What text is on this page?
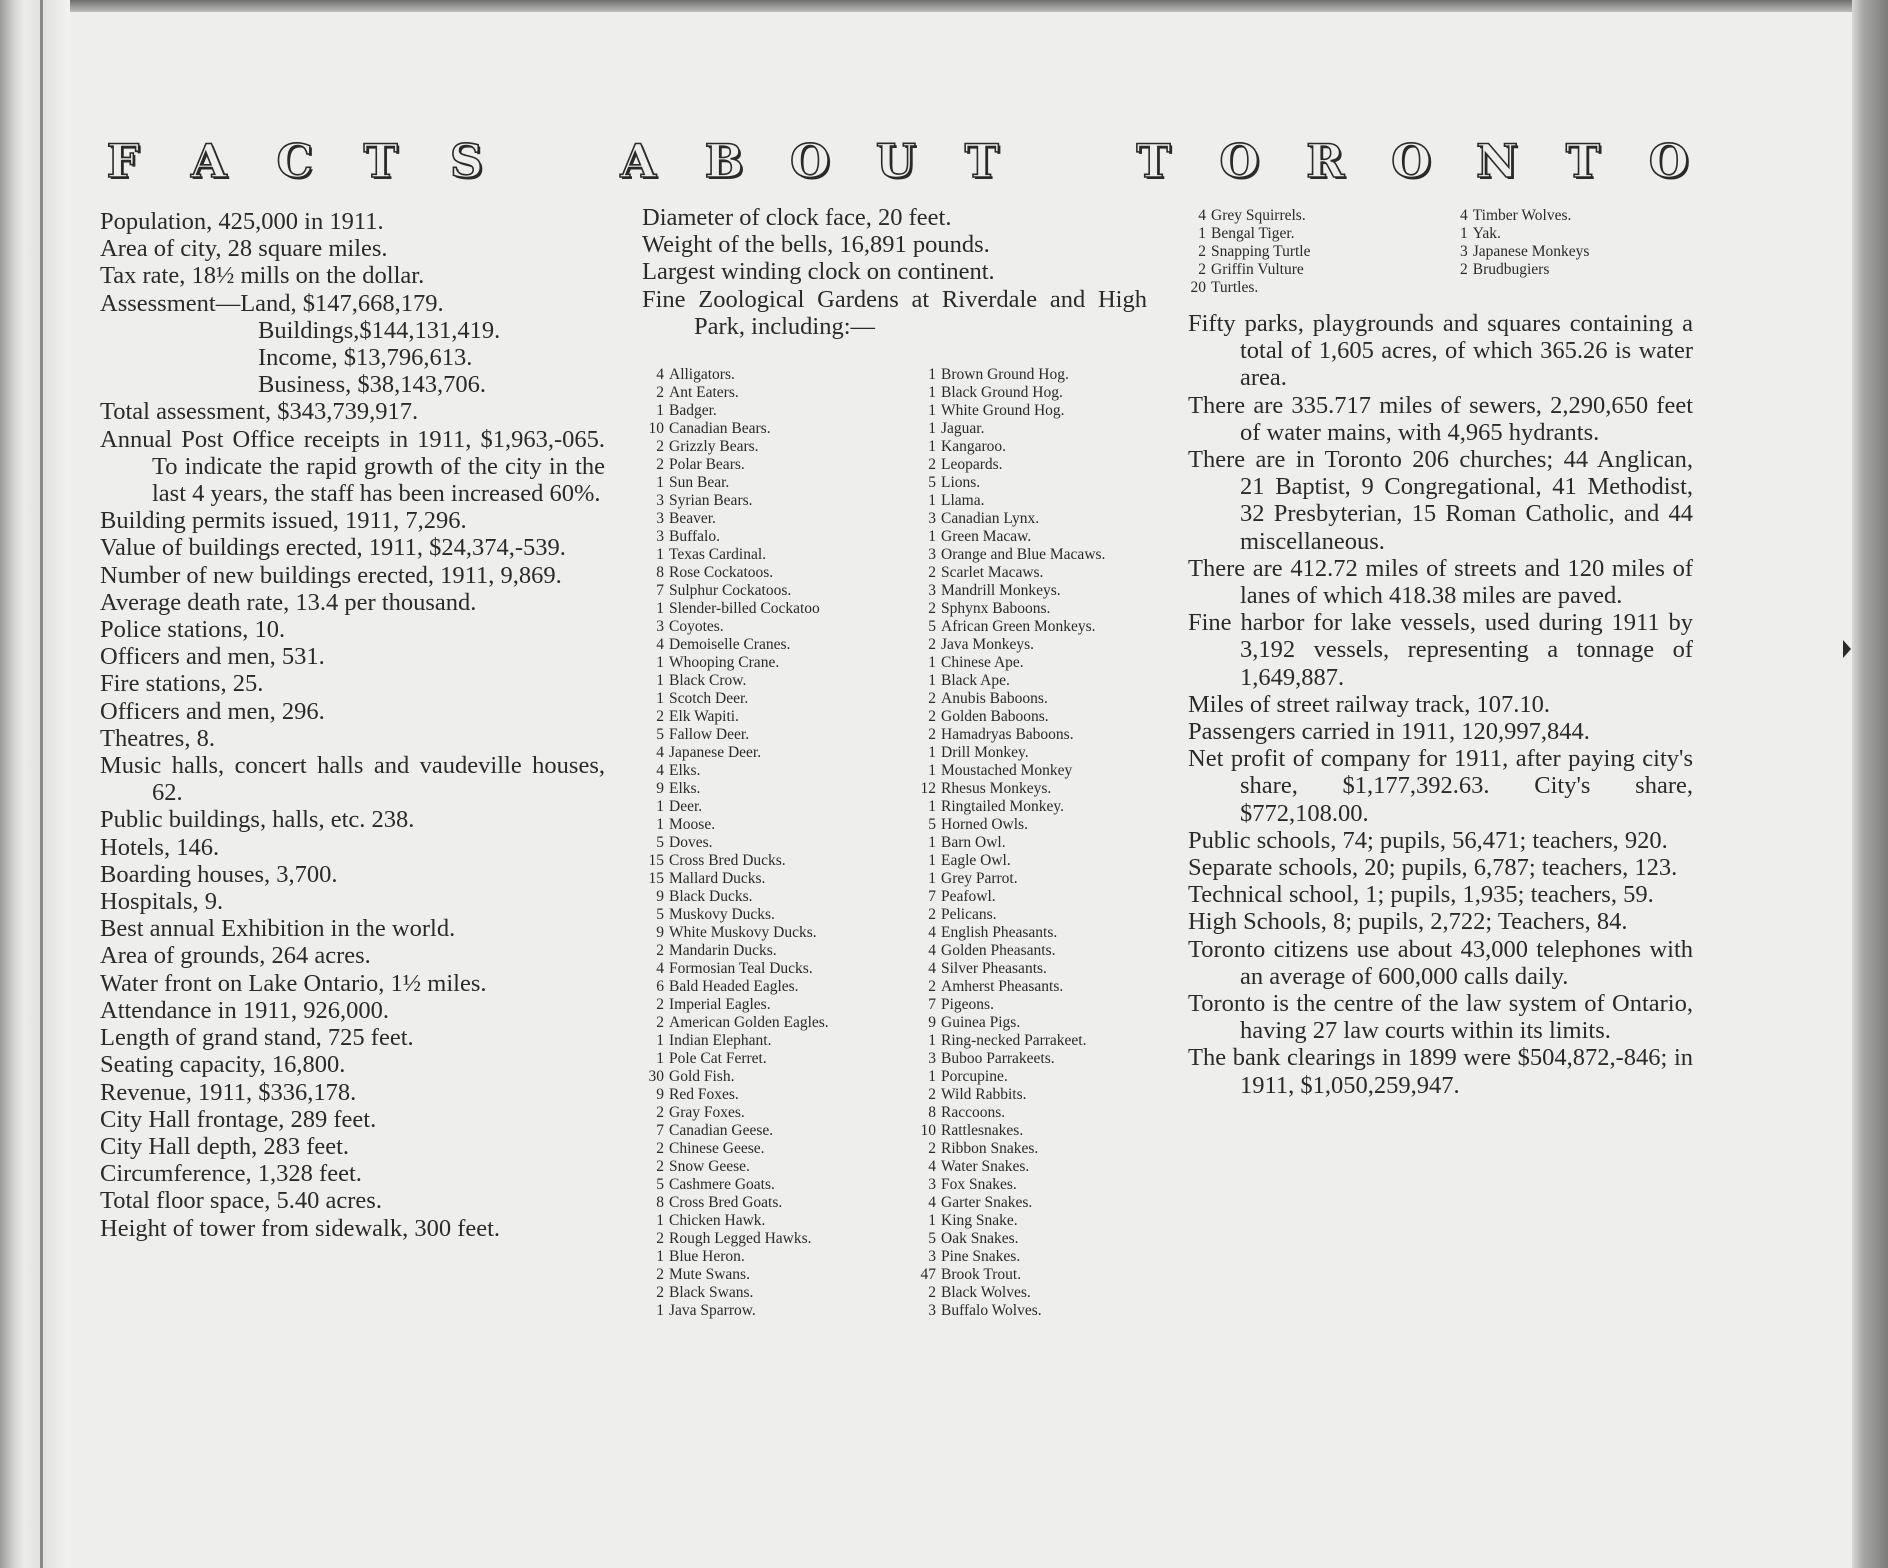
F A C T S	A B O U T	T O R O N T O
Population, 425,000 in 1911.
Area of city, 28 square miles.
Tax rate, 18½ mills on the dollar.
Assessment—Land, $147,668,179.
Buildings,$144,131,419.
Income, $13,796,613.
Business, $38,143,706.
Total assessment, $343,739,917.
Annual Post Office receipts in 1911, $1,963,-065. To indicate the rapid growth of the city in the last 4 years, the staff has been increased 60%.
Building permits issued, 1911, 7,296.
Value of buildings erected, 1911, $24,374,-539.
Number of new buildings erected, 1911, 9,869.
Average death rate, 13.4 per thousand.
Police stations, 10.
Officers and men, 531.
Fire stations, 25.
Officers and men, 296.
Theatres, 8.
Music halls, concert halls and vaudeville houses, 62.
Public buildings, halls, etc. 238.
Hotels, 146.
Boarding houses, 3,700.
Hospitals, 9.
Best annual Exhibition in the world.
Area of grounds, 264 acres.
Water front on Lake Ontario, 1½ miles.
Attendance in 1911, 926,000.
Length of grand stand, 725 feet.
Seating capacity, 16,800.
Revenue, 1911, $336,178.
City Hall frontage, 289 feet.
City Hall depth, 283 feet.
Circumference, 1,328 feet.
Total floor space, 5.40 acres.
Height of tower from sidewalk, 300 feet.
Diameter of clock face, 20 feet.
Weight of the bells, 16,891 pounds.
Largest winding clock on continent.
Fine Zoological Gardens at Riverdale and High Park, including:—
4 Alligators.
2 Ant Eaters.
1 Badger.
10 Canadian Bears.
2 Grizzly Bears.
2 Polar Bears.
1 Sun Bear.
3 Syrian Bears.
3 Beaver.
3 Buffalo.
1 Texas Cardinal.
8 Rose Cockatoos.
7 Sulphur Cockatoos.
1 Slender-billed Cockatoo
3 Coyotes.
4 Demoiselle Cranes.
1 Whooping Crane.
1 Black Crow.
1 Scotch Deer.
2 Elk Wapiti.
5 Fallow Deer.
4 Japanese Deer.
4 Elks.
9 Elks.
1 Deer.
1 Moose.
5 Doves.
15 Cross Bred Ducks.
15 Mallard Ducks.
9 Black Ducks.
5 Muskovy Ducks.
9 White Muskovy Ducks.
2 Mandarin Ducks.
4 Formosian Teal Ducks.
6 Bald Headed Eagles.
2 Imperial Eagles.
2 American Golden Eagles.
1 Indian Elephant.
1 Pole Cat Ferret.
30 Gold Fish.
9 Red Foxes.
2 Gray Foxes.
7 Canadian Geese.
2 Chinese Geese.
2 Snow Geese.
5 Cashmere Goats.
8 Cross Bred Goats.
1 Chicken Hawk.
2 Rough Legged Hawks.
1 Blue Heron.
2 Mute Swans.
2 Black Swans.
1 Java Sparrow.
1 Brown Ground Hog.
1 Black Ground Hog.
1 White Ground Hog.
1 Jaguar.
1 Kangaroo.
2 Leopards.
5 Lions.
1 Llama.
3 Canadian Lynx.
1 Green Macaw.
3 Orange and Blue Macaws.
2 Scarlet Macaws.
3 Mandrill Monkeys.
2 Sphynx Baboons.
5 African Green Monkeys.
2 Java Monkeys.
1 Chinese Ape.
1 Black Ape.
2 Anubis Baboons.
2 Golden Baboons.
2 Hamadryas Baboons.
1 Drill Monkey.
1 Moustached Monkey
12 Rhesus Monkeys.
1 Ringtailed Monkey.
5 Horned Owls.
1 Barn Owl.
1 Eagle Owl.
1 Grey Parrot.
7 Peafowl.
2 Pelicans.
4 English Pheasants.
4 Golden Pheasants.
4 Silver Pheasants.
2 Amherst Pheasants.
7 Pigeons.
9 Guinea Pigs.
1 Ring-necked Parrakeet.
3 Buboo Parrakeets.
1 Porcupine.
2 Wild Rabbits.
8 Raccoons.
10 Rattlesnakes.
2 Ribbon Snakes.
4 Water Snakes.
3 Fox Snakes.
4 Garter Snakes.
1 King Snake.
5 Oak Snakes.
3 Pine Snakes.
47 Brook Trout.
2 Black Wolves.
3 Buffalo Wolves.
4 Grey Squirrels.
1 Bengal Tiger.
2 Snapping Turtle
2 Griffin Vulture
20 Turtles.
4 Timber Wolves.
1 Yak.
3 Japanese Monkeys
2 Brudbugiers
Fifty parks, playgrounds and squares containing a total of 1,605 acres, of which 365.26 is water area.
There are 335.717 miles of sewers, 2,290,650 feet of water mains, with 4,965 hydrants.
There are in Toronto 206 churches; 44 Anglican, 21 Baptist, 9 Congregational, 41 Methodist, 32 Presbyterian, 15 Roman Catholic, and 44 miscellaneous.
There are 412.72 miles of streets and 120 miles of lanes of which 418.38 miles are paved.
Fine harbor for lake vessels, used during 1911 by 3,192 vessels, representing a tonnage of 1,649,887.
Miles of street railway track, 107.10.
Passengers carried in 1911, 120,997,844.
Net profit of company for 1911, after paying city's share, $1,177,392.63. City's share, $772,108.00.
Public schools, 74; pupils, 56,471; teachers, 920.
Separate schools, 20; pupils, 6,787; teachers, 123.
Technical school, 1; pupils, 1,935; teachers, 59.
High Schools, 8; pupils, 2,722; Teachers, 84.
Toronto citizens use about 43,000 telephones with an average of 600,000 calls daily.
Toronto is the centre of the law system of Ontario, having 27 law courts within its limits.
The bank clearings in 1899 were $504,872,-846; in 1911, $1,050,259,947.
